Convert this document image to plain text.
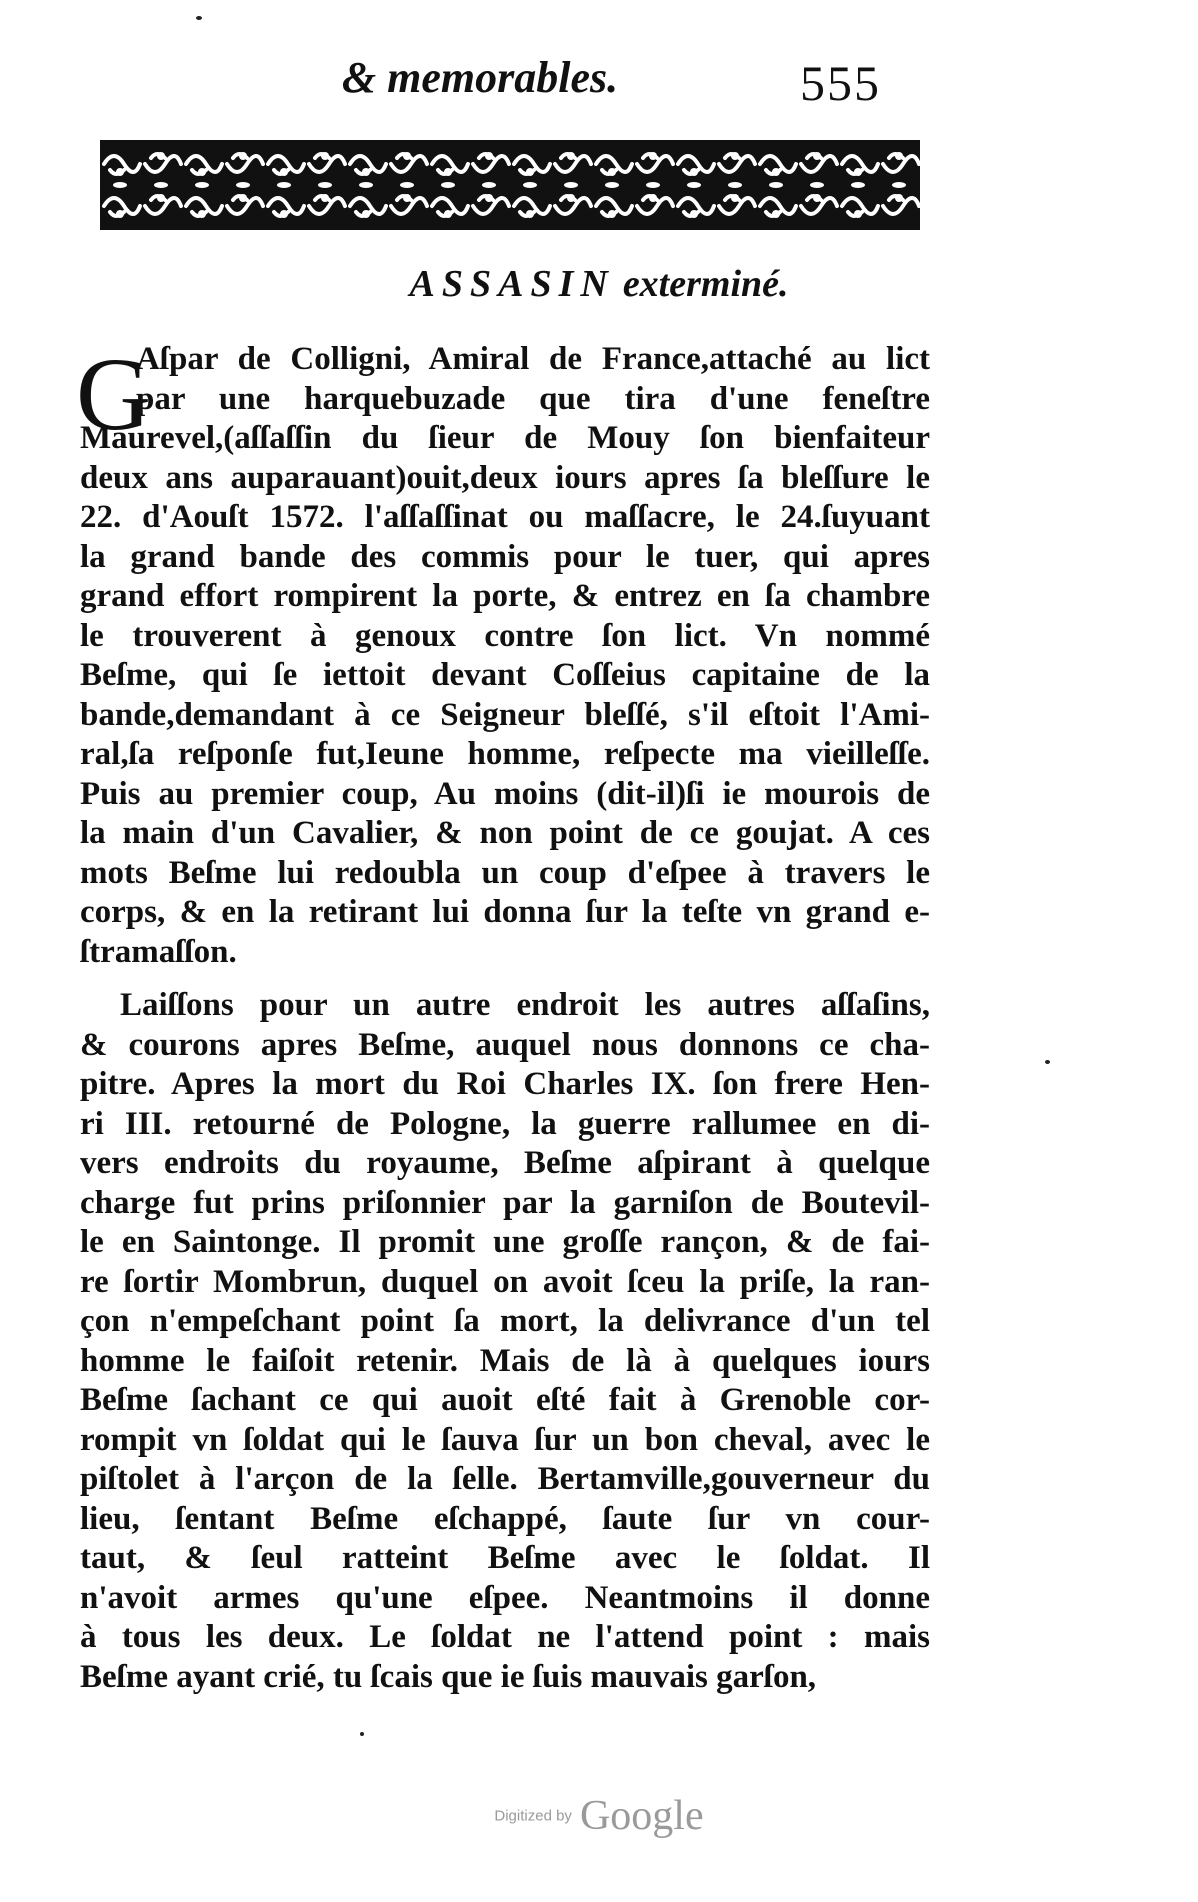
& memorables.	555
ASSASIN exterminé.
G
Aſpar de Colligni, Amiral de France,attaché au lict
par une harquebuzade que tira d'une feneſtre
Maurevel,(aſſaſſin du ſieur de Mouy ſon bienfaiteur
deux ans auparauant)ouit,deux iours apres ſa bleſſure le
22. d'Aouſt 1572. l'aſſaſſinat ou maſſacre, le 24.ſuyuant
la grand bande des commis pour le tuer, qui apres
grand effort rompirent la porte, & entrez en ſa chambre
le trouverent à genoux contre ſon lict. Vn nommé
Beſme, qui ſe iettoit devant Coſſeius capitaine de la
bande,demandant à ce Seigneur bleſſé, s'il eſtoit l'Ami-
ral,ſa reſponſe fut,Ieune homme, reſpecte ma vieilleſſe.
Puis au premier coup, Au moins (dit-il)ſi ie mourois de
la main d'un Cavalier, & non point de ce goujat. A ces
mots Beſme lui redoubla un coup d'eſpee à travers le
corps, & en la retirant lui donna ſur la teſte vn grand e-
ſtramaſſon.
Laiſſons pour un autre endroit les autres aſſaſins,
& courons apres Beſme, auquel nous donnons ce cha-
pitre. Apres la mort du Roi Charles IX. ſon frere Hen-
ri III. retourné de Pologne, la guerre rallumee en di-
vers endroits du royaume, Beſme aſpirant à quelque
charge fut prins priſonnier par la garniſon de Boutevil-
le en Saintonge. Il promit une groſſe rançon, & de fai-
re ſortir Mombrun, duquel on avoit ſceu la priſe, la ran-
çon n'empeſchant point ſa mort, la delivrance d'un tel
homme le faiſoit retenir. Mais de là à quelques iours
Beſme ſachant ce qui auoit eſté fait à Grenoble cor-
rompit vn ſoldat qui le ſauva ſur un bon cheval, avec le
piſtolet à l'arçon de la ſelle. Bertamville,gouverneur du
lieu, ſentant Beſme eſchappé, ſaute ſur vn cour-
taut, & ſeul ratteint Beſme avec le ſoldat. Il
n'avoit armes qu'une eſpee. Neantmoins il donne
à tous les deux. Le ſoldat ne l'attend point : mais
Beſme ayant crié, tu ſcais que ie ſuis mauvais garſon,
Digitized by Google
